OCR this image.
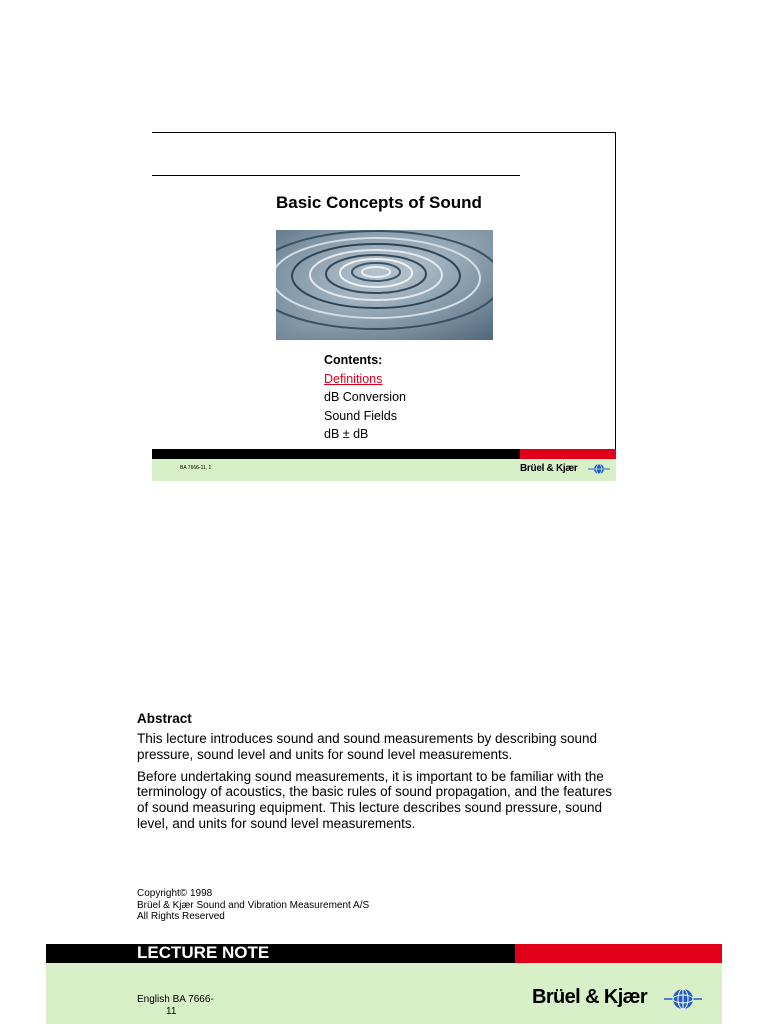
Basic Concepts of Sound
Contents:
Definitions
dB Conversion
Sound Fields
dB ± dB
BA 7666-11, 1	Brüel & Kjær
Abstract

This lecture introduces sound and sound measurements by describing sound pressure, sound level and units for sound level measurements.

Before undertaking sound measurements, it is important to be familiar with the terminology of acoustics, the basic rules of sound propagation, and the features of sound measuring equipment. This lecture describes sound pressure, sound level, and units for sound level measurements.

Copyright© 1998
Brüel & Kjær Sound and Vibration Measurement A/S
All Rights Reserved
LECTURE NOTE
English BA 7666-
11
Brüel & Kjær
